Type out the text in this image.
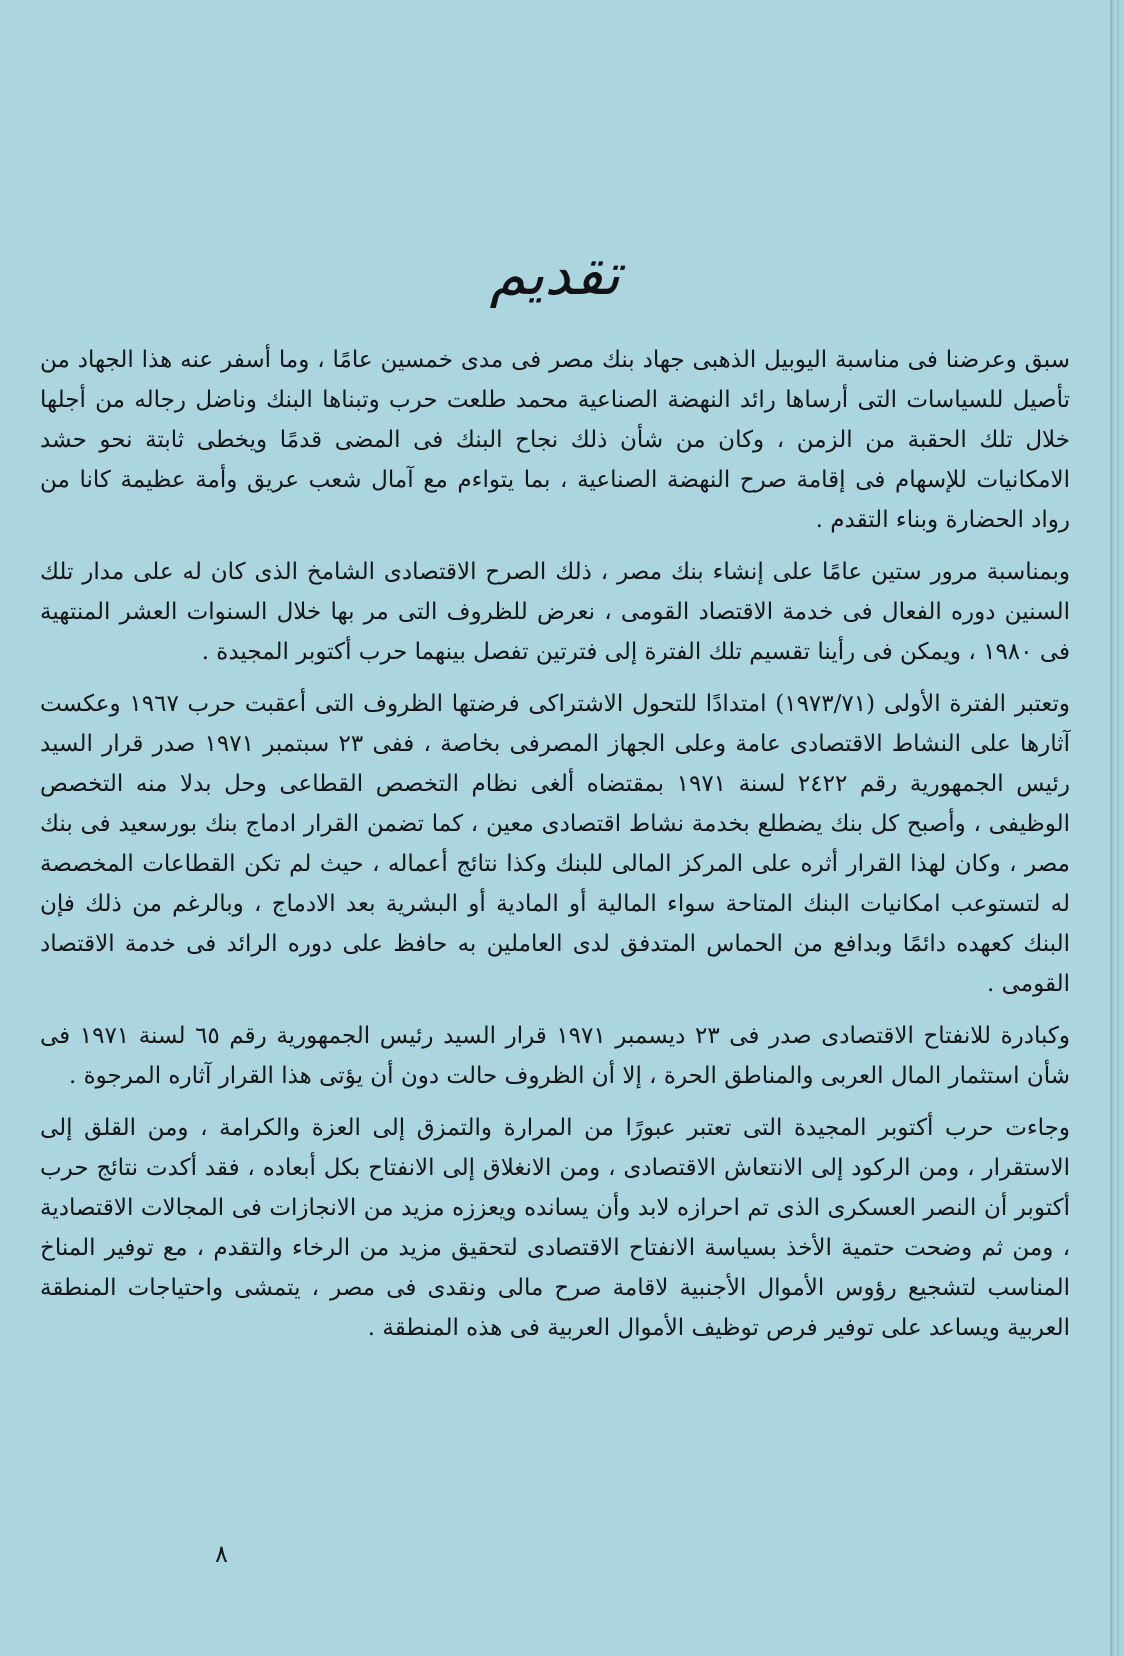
تقديم

سبق وعرضنا فى مناسبة اليوبيل الذهبى جهاد بنك مصر فى مدى خمسين عامًا ، وما أسفر عنه هذا الجهاد من تأصيل للسياسات التى أرساها رائد النهضة الصناعية محمد طلعت حرب وتبناها البنك وناضل رجاله من أجلها خلال تلك الحقبة من الزمن ، وكان من شأن ذلك نجاح البنك فى المضى قدمًا ويخطى ثابتة نحو حشد الامكانيات للإسهام فى إقامة صرح النهضة الصناعية ، بما يتواءم مع آمال شعب عريق وأمة عظيمة كانا من رواد الحضارة وبناء التقدم .

وبمناسبة مرور ستين عامًا على إنشاء بنك مصر ، ذلك الصرح الاقتصادى الشامخ الذى كان له على مدار تلك السنين دوره الفعال فى خدمة الاقتصاد القومى ، نعرض للظروف التى مر بها خلال السنوات العشر المنتهية فى ١٩٨٠ ، ويمكن فى رأينا تقسيم تلك الفترة إلى فترتين تفصل بينهما حرب أكتوبر المجيدة .

وتعتبر الفترة الأولى (١٩٧٣/٧١) امتدادًا للتحول الاشتراكى فرضتها الظروف التى أعقبت حرب ١٩٦٧ وعكست آثارها على النشاط الاقتصادى عامة وعلى الجهاز المصرفى بخاصة ، ففى ٢٣ سبتمبر ١٩٧١ صدر قرار السيد رئيس الجمهورية رقم ٢٤٢٢ لسنة ١٩٧١ بمقتضاه ألغى نظام التخصص القطاعى وحل بدلا منه التخصص الوظيفى ، وأصبح كل بنك يضطلع بخدمة نشاط اقتصادى معين ، كما تضمن القرار ادماج بنك بورسعيد فى بنك مصر ، وكان لهذا القرار أثره على المركز المالى للبنك وكذا نتائج أعماله ، حيث لم تكن القطاعات المخصصة له لتستوعب امكانيات البنك المتاحة سواء المالية أو المادية أو البشرية بعد الادماج ، وبالرغم من ذلك فإن البنك كعهده دائمًا وبدافع من الحماس المتدفق لدى العاملين به حافظ على دوره الرائد فى خدمة الاقتصاد القومى .

وكبادرة للانفتاح الاقتصادى صدر فى ٢٣ ديسمبر ١٩٧١ قرار السيد رئيس الجمهورية رقم ٦٥ لسنة ١٩٧١ فى شأن استثمار المال العربى والمناطق الحرة ، إلا أن الظروف حالت دون أن يؤتى هذا القرار آثاره المرجوة .

وجاءت حرب أكتوبر المجيدة التى تعتبر عبورًا من المرارة والتمزق إلى العزة والكرامة ، ومن القلق إلى الاستقرار ، ومن الركود إلى الانتعاش الاقتصادى ، ومن الانغلاق إلى الانفتاح بكل أبعاده ، فقد أكدت نتائج حرب أكتوبر أن النصر العسكرى الذى تم احرازه لابد وأن يسانده ويعززه مزيد من الانجازات فى المجالات الاقتصادية ، ومن ثم وضحت حتمية الأخذ بسياسة الانفتاح الاقتصادى لتحقيق مزيد من الرخاء والتقدم ، مع توفير المناخ المناسب لتشجيع رؤوس الأموال الأجنبية لاقامة صرح مالى ونقدى فى مصر ، يتمشى واحتياجات المنطقة العربية ويساعد على توفير فرص توظيف الأموال العربية فى هذه المنطقة .

٨
